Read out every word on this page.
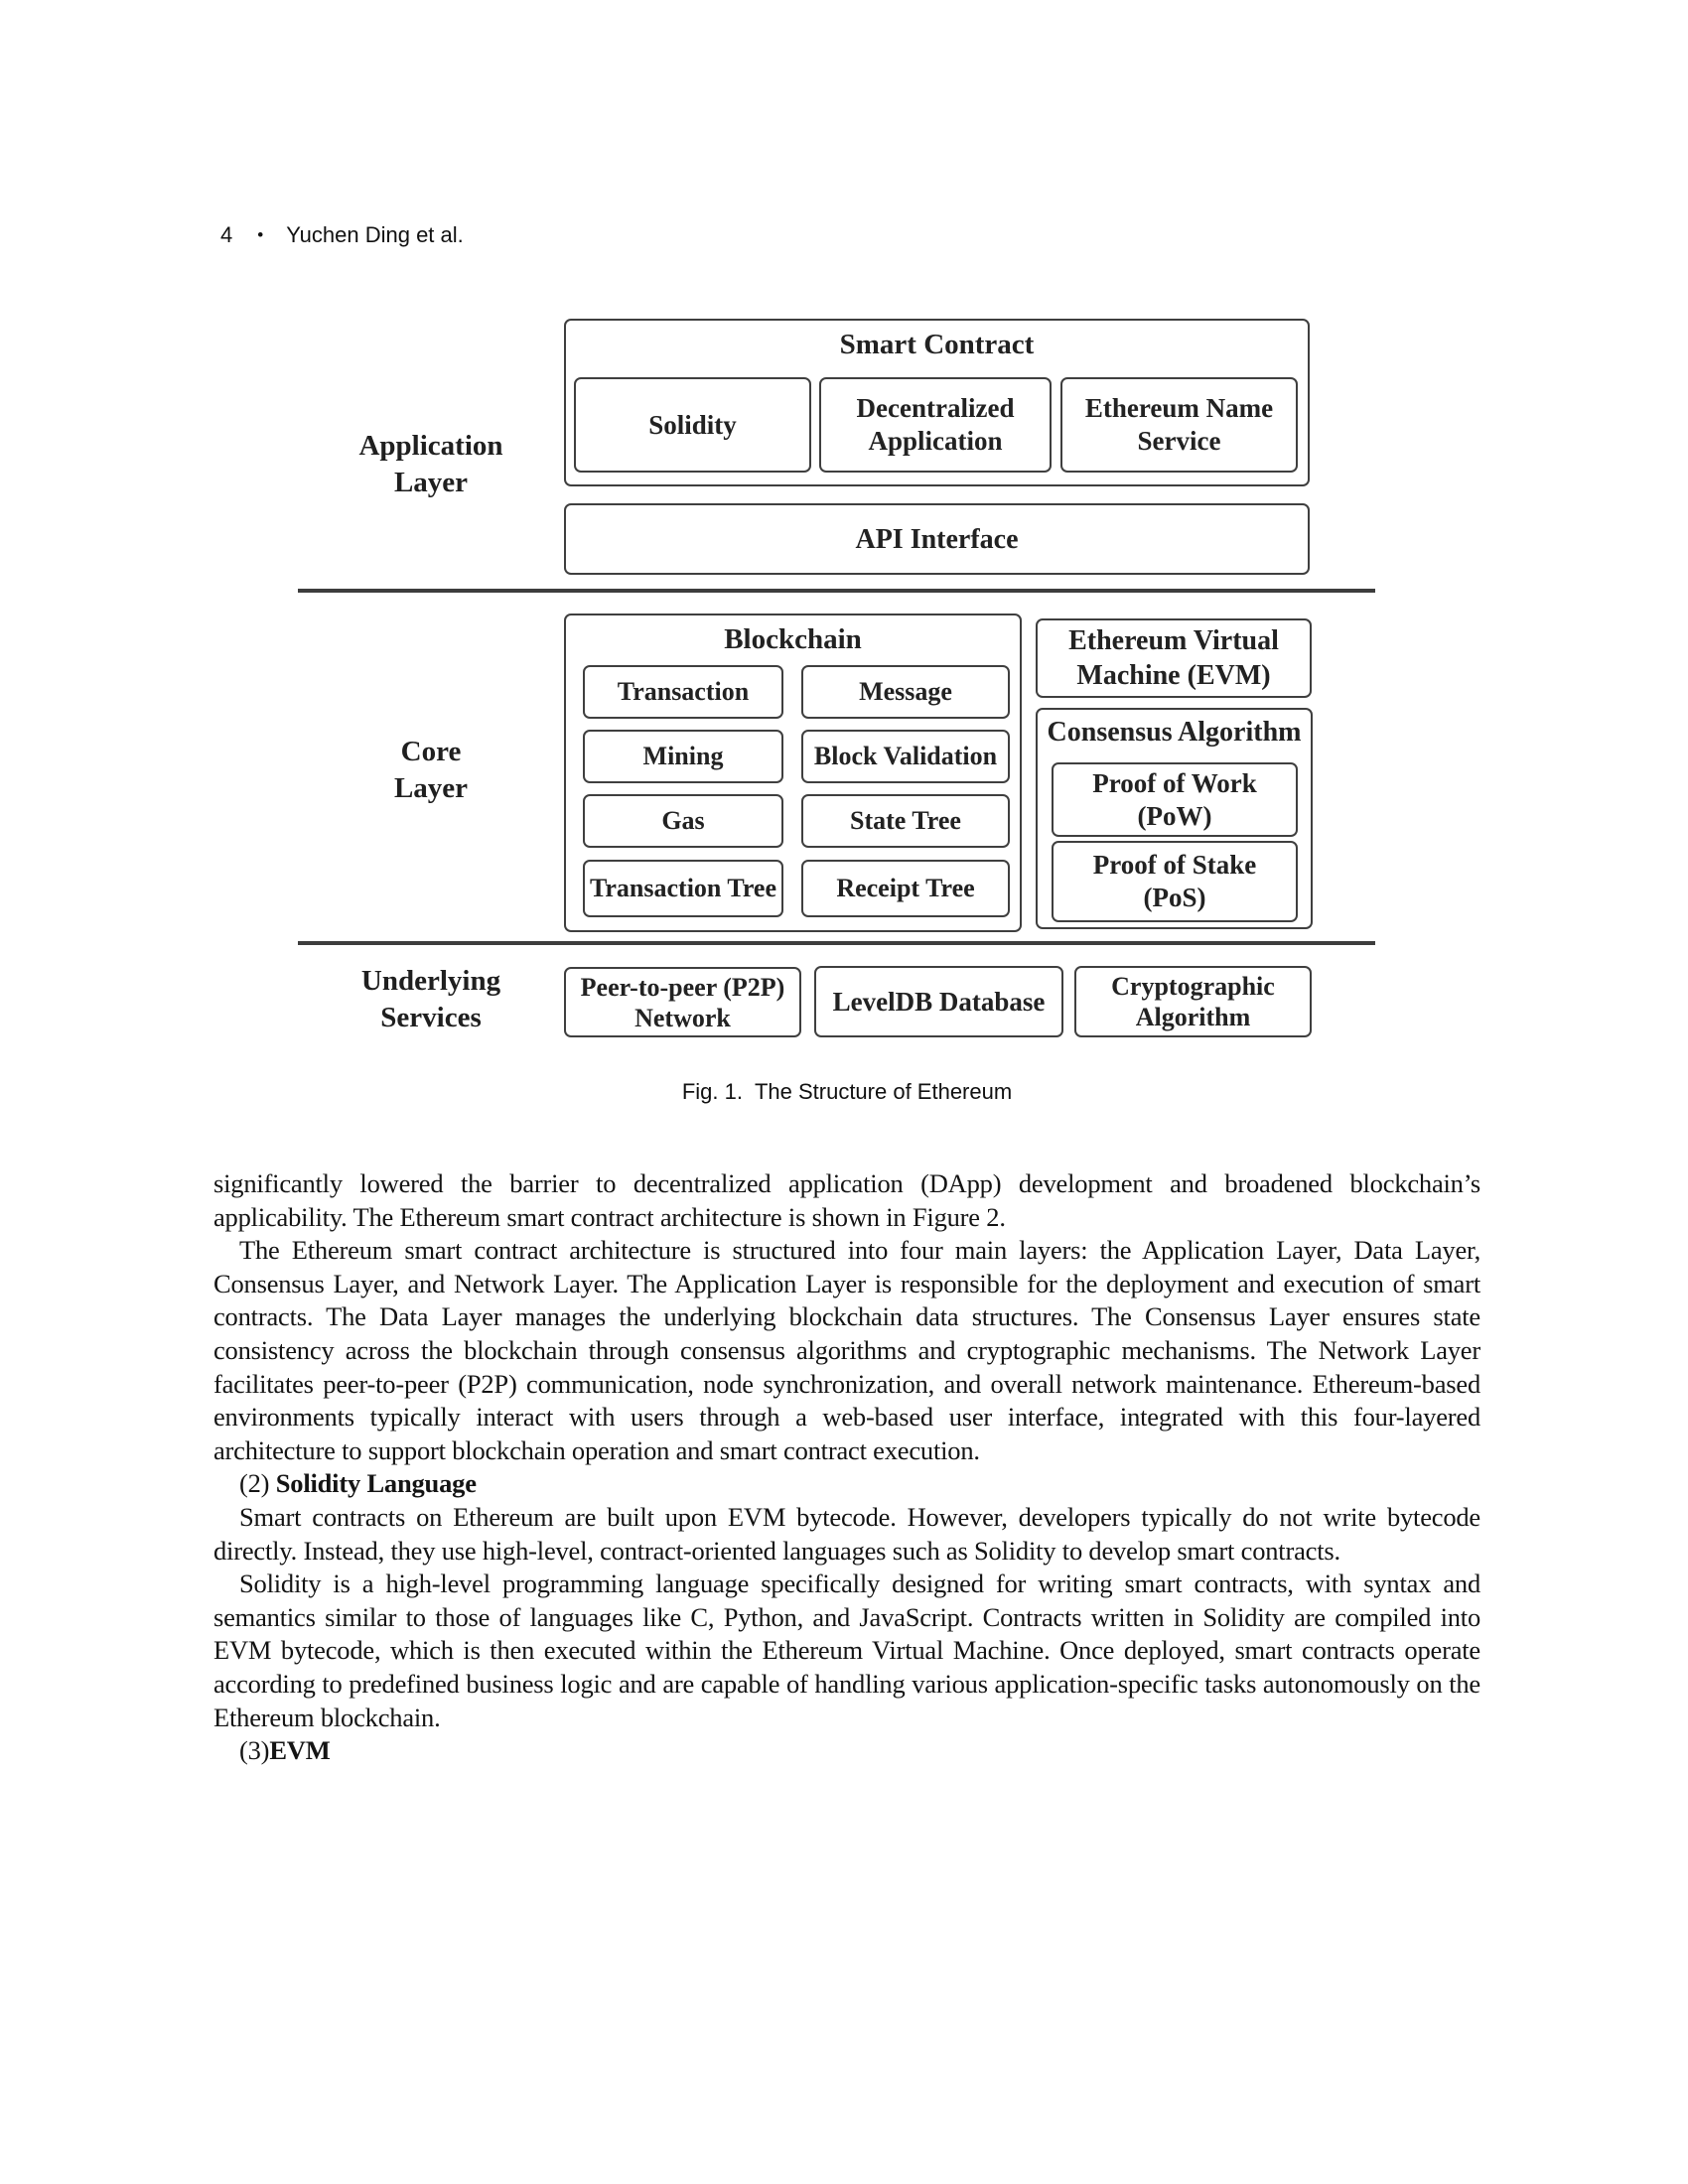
4 • Yuchen Ding et al.
Application
Layer
Core
Layer
Underlying
Services
Smart Contract
Solidity
Decentralized
Application
Ethereum Name
Service
API Interface
Blockchain
Transaction	Message
Mining	Block Validation
Gas	State Tree
Transaction Tree Receipt Tree
Ethereum Virtual
Machine (EVM)
Consensus Algorithm
Proof of Work
(PoW)
Proof of Stake
(PoS)
Peer-to-peer (P2P)
Network
LevelDB Database	Cryptographic
Algorithm
Fig. 1. The Structure of Ethereum

significantly lowered the barrier to decentralized application (DApp) development and broadened blockchain’s applicability. The Ethereum smart contract architecture is shown in Figure 2.

The Ethereum smart contract architecture is structured into four main layers: the Application Layer, Data Layer, Consensus Layer, and Network Layer. The Application Layer is responsible for the deployment and execution of smart contracts. The Data Layer manages the underlying blockchain data structures. The Consensus Layer ensures state consistency across the blockchain through consensus algorithms and cryptographic mechanisms. The Network Layer facilitates peer-to-peer (P2P) communication, node synchronization, and overall network maintenance. Ethereum-based environments typically interact with users through a web-based user interface, integrated with this four-layered architecture to support blockchain operation and smart contract execution.

(2) Solidity Language

Smart contracts on Ethereum are built upon EVM bytecode. However, developers typically do not write bytecode directly. Instead, they use high-level, contract-oriented languages such as Solidity to develop smart contracts.

Solidity is a high-level programming language specifically designed for writing smart contracts, with syntax and semantics similar to those of languages like C, Python, and JavaScript. Contracts written in Solidity are compiled into EVM bytecode, which is then executed within the Ethereum Virtual Machine. Once deployed, smart contracts operate according to predefined business logic and are capable of handling various application-specific tasks autonomously on the Ethereum blockchain.

(3)EVM
